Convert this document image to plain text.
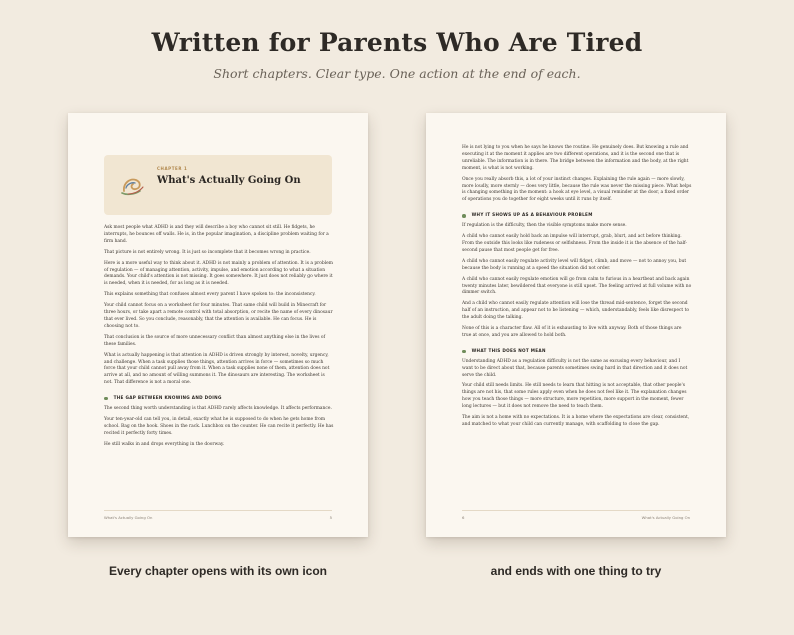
Written for Parents Who Are Tired
Short chapters. Clear type. One action at the end of each.
CHAPTER 1
What's Actually Going On

Ask most people what ADHD is and they will describe a boy who cannot sit still. He fidgets, he interrupts, he bounces off walls. He is, in the popular imagination, a discipline problem waiting for a firm hand.

That picture is not entirely wrong. It is just so incomplete that it becomes wrong in practice.

Here is a more useful way to think about it. ADHD is not mainly a problem of attention. It is a problem of regulation — of managing attention, activity, impulse, and emotion according to what a situation demands. Your child's attention is not missing. It goes somewhere. It just does not reliably go where it is needed, when it is needed, for as long as it is needed.

This explains something that confuses almost every parent I have spoken to: the inconsistency.

Your child cannot focus on a worksheet for four minutes. That same child will build in Minecraft for three hours, or take apart a remote control with total absorption, or recite the name of every dinosaur that ever lived. So you conclude, reasonably, that the attention is available. He can focus. He is choosing not to.

That conclusion is the source of more unnecessary conflict than almost anything else in the lives of these families.

What is actually happening is that attention in ADHD is driven strongly by interest, novelty, urgency, and challenge. When a task supplies those things, attention arrives in force — sometimes so much force that your child cannot pull away from it. When a task supplies none of them, attention does not arrive at all, and no amount of willing summons it. The dinosaurs are interesting. The worksheet is not. That difference is not a moral one.

THE GAP BETWEEN KNOWING AND DOING

The second thing worth understanding is that ADHD rarely affects knowledge. It affects performance.

Your ten-year-old can tell you, in detail, exactly what he is supposed to do when he gets home from school. Bag on the hook. Shoes in the rack. Lunchbox on the counter. He can recite it perfectly. He has recited it perfectly forty times.

He still walks in and drops everything in the doorway.

What's Actually Going On	5

He is not lying to you when he says he knows the routine. He genuinely does. But knowing a rule and executing it at the moment it applies are two different operations, and it is the second one that is unreliable. The information is in there. The bridge between the information and the body, at the right moment, is what is not working.

Once you really absorb this, a lot of your instinct changes. Explaining the rule again — more slowly, more loudly, more sternly — does very little, because the rule was never the missing piece. What helps is changing something in the moment: a hook at eye level, a visual reminder at the door, a fixed order of operations you do together for eight weeks until it runs by itself.

WHY IT SHOWS UP AS A BEHAVIOUR PROBLEM

If regulation is the difficulty, then the visible symptoms make more sense.

A child who cannot easily hold back an impulse will interrupt, grab, blurt, and act before thinking. From the outside this looks like rudeness or selfishness. From the inside it is the absence of the half-second pause that most people get for free.

A child who cannot easily regulate activity level will fidget, climb, and move — not to annoy you, but because the body is running at a speed the situation did not order.

A child who cannot easily regulate emotion will go from calm to furious in a heartbeat and back again twenty minutes later, bewildered that everyone is still upset. The feeling arrived at full volume with no dimmer switch.

And a child who cannot easily regulate attention will lose the thread mid-sentence, forget the second half of an instruction, and appear not to be listening — which, understandably, feels like disrespect to the adult doing the talking.

None of this is a character flaw. All of it is exhausting to live with anyway. Both of those things are true at once, and you are allowed to hold both.

WHAT THIS DOES NOT MEAN

Understanding ADHD as a regulation difficulty is not the same as excusing every behaviour, and I want to be direct about that, because parents sometimes swing hard in that direction and it does not serve the child.

Your child still needs limits. He still needs to learn that hitting is not acceptable, that other people's things are not his, that some rules apply even when he does not feel like it. The explanation changes how you teach those things — more structure, more repetition, more support in the moment, fewer long lectures — but it does not remove the need to teach them.

The aim is not a home with no expectations. It is a home where the expectations are clear, consistent, and matched to what your child can currently manage, with scaffolding to close the gap.

6	What's Actually Going On
Every chapter opens with its own icon	and ends with one thing to try
